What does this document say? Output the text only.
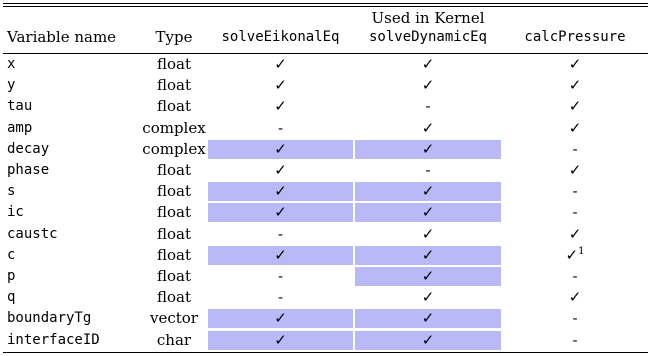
Used in Kernel
Variable name	Type	solveEikonalEq	solveDynamicEq	calcPressure
x	float	✓	✓	✓
y	float	✓	✓	✓
tau	float	✓	-	✓
amp	complex	-	✓	✓
decay	complex	✓	✓	-
phase	float	✓	-	✓
s	float	✓	✓	-
ic	float	✓	✓	-
caustc	float	-	✓	✓
c	float	✓	✓	✓$^1$
p	float	-	✓	-
q	float	-	✓	✓
boundaryTg	vector	✓	✓	-
interfaceID	char	✓	✓	-
